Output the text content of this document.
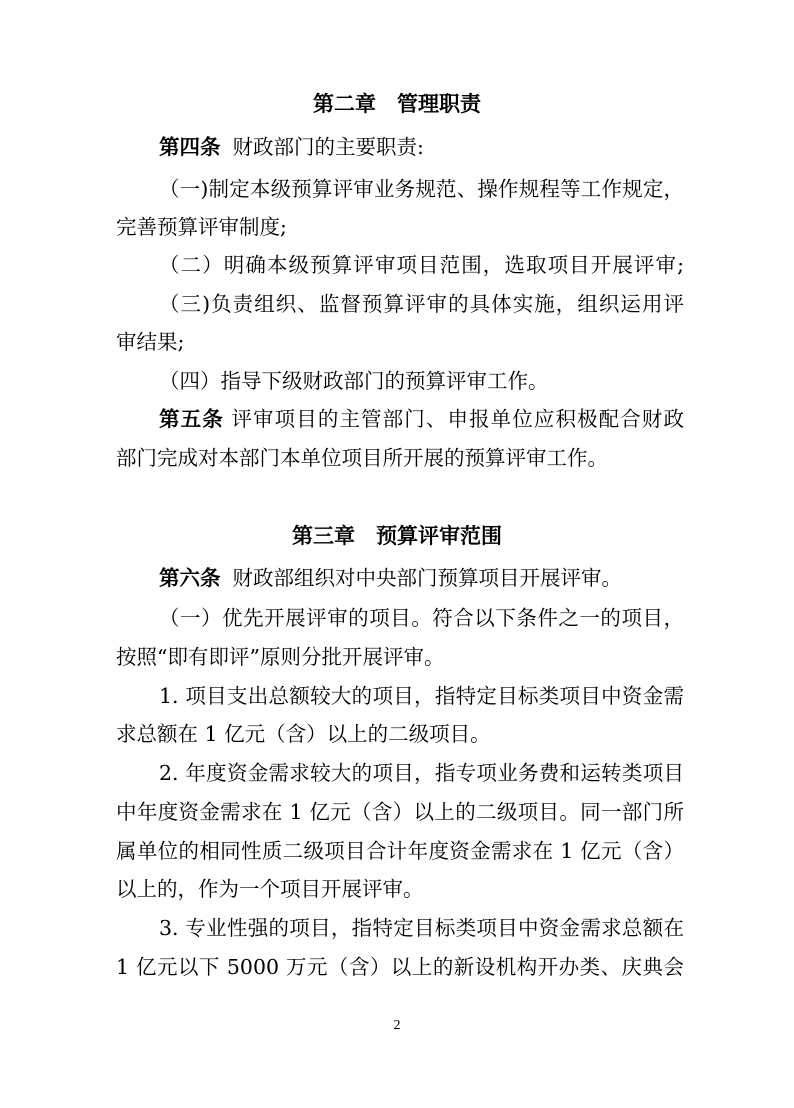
第二章　管理职责
第四条 财政部门的主要职责:
（一)制定本级预算评审业务规范、操作规程等工作规定，
完善预算评审制度;
（二）明确本级预算评审项目范围，选取项目开展评审;
（三)负责组织、监督预算评审的具体实施，组织运用评
审结果;
（四）指导下级财政部门的预算评审工作。
第五条 评审项目的主管部门、申报单位应积极配合财政
部门完成对本部门本单位项目所开展的预算评审工作。
第三章　预算评审范围
第六条 财政部组织对中央部门预算项目开展评审。
（一）优先开展评审的项目。符合以下条件之一的项目，
按照“即有即评”原则分批开展评审。
1. 项目支出总额较大的项目，指特定目标类项目中资金需
求总额在 1 亿元（含）以上的二级项目。
2. 年度资金需求较大的项目，指专项业务费和运转类项目
中年度资金需求在 1 亿元（含）以上的二级项目。同一部门所
属单位的相同性质二级项目合计年度资金需求在 1 亿元（含）
以上的，作为一个项目开展评审。
3. 专业性强的项目，指特定目标类项目中资金需求总额在
1 亿元以下 5000 万元（含）以上的新设机构开办类、庆典会
2
